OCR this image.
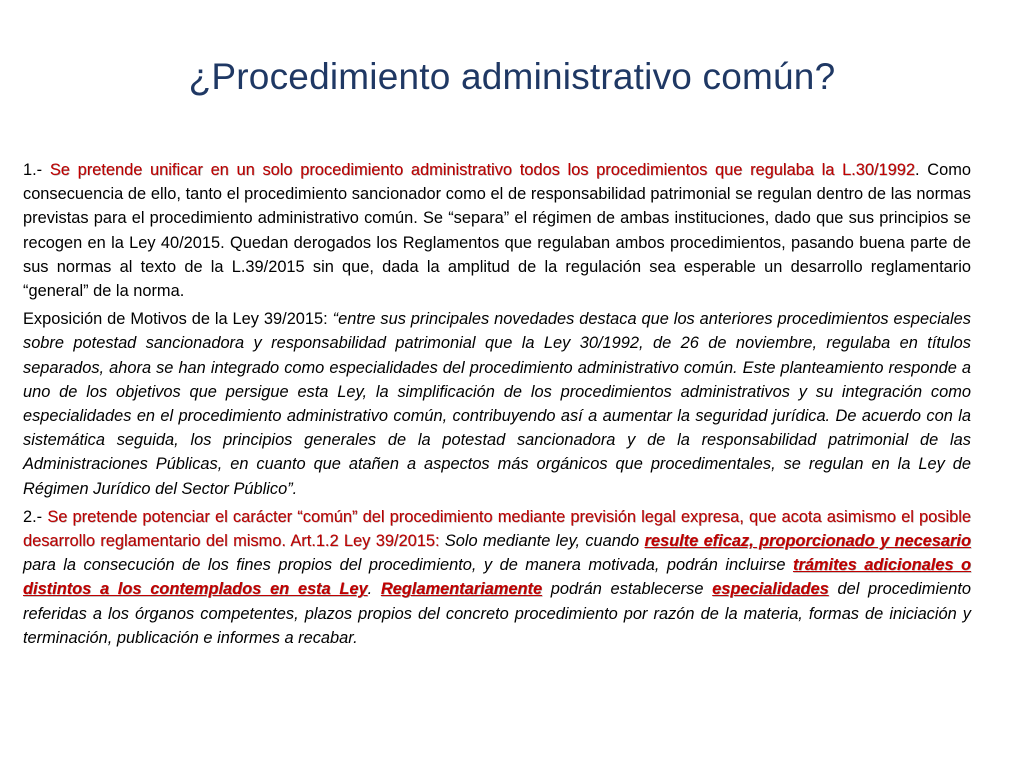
¿Procedimiento administrativo común?

1.- Se pretende unificar en un solo procedimiento administrativo todos los procedimientos que regulaba la L.30/1992. Como consecuencia de ello, tanto el procedimiento sancionador como el de responsabilidad patrimonial se regulan dentro de las normas previstas para el procedimiento administrativo común. Se “separa” el régimen de ambas instituciones, dado que sus principios se recogen en la Ley 40/2015. Quedan derogados los Reglamentos que regulaban ambos procedimientos, pasando buena parte de sus normas al texto de la L.39/2015 sin que, dada la amplitud de la regulación sea esperable un desarrollo reglamentario “general” de la norma.

Exposición de Motivos de la Ley 39/2015: “entre sus principales novedades destaca que los anteriores procedimientos especiales sobre potestad sancionadora y responsabilidad patrimonial que la Ley 30/1992, de 26 de noviembre, regulaba en títulos separados, ahora se han integrado como especialidades del procedimiento administrativo común. Este planteamiento responde a uno de los objetivos que persigue esta Ley, la simplificación de los procedimientos administrativos y su integración como especialidades en el procedimiento administrativo común, contribuyendo así a aumentar la seguridad jurídica. De acuerdo con la sistemática seguida, los principios generales de la potestad sancionadora y de la responsabilidad patrimonial de las Administraciones Públicas, en cuanto que atañen a aspectos más orgánicos que procedimentales, se regulan en la Ley de Régimen Jurídico del Sector Público”.

2.- Se pretende potenciar el carácter “común” del procedimiento mediante previsión legal expresa, que acota asimismo el posible desarrollo reglamentario del mismo. Art.1.2 Ley 39/2015: Solo mediante ley, cuando resulte eficaz, proporcionado y necesario para la consecución de los fines propios del procedimiento, y de manera motivada, podrán incluirse trámites adicionales o distintos a los contemplados en esta Ley. Reglamentariamente podrán establecerse especialidades del procedimiento referidas a los órganos competentes, plazos propios del concreto procedimiento por razón de la materia, formas de iniciación y terminación, publicación e informes a recabar.
